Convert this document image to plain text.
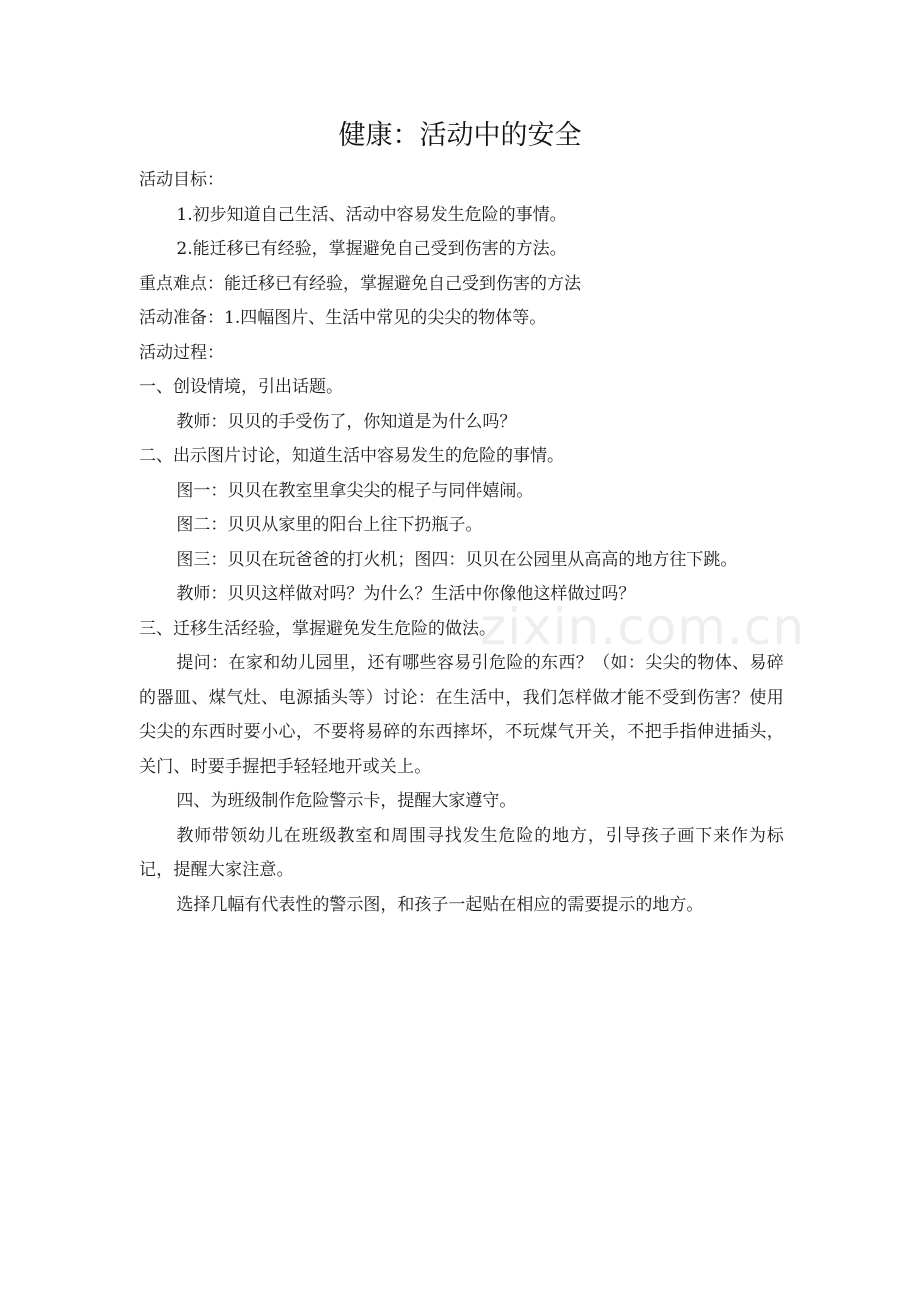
zixin.com.cn
健康：活动中的安全

活动目标：

1.初步知道自己生活、活动中容易发生危险的事情。

2.能迁移已有经验，掌握避免自己受到伤害的方法。

重点难点：能迁移已有经验，掌握避免自己受到伤害的方法

活动准备：1.四幅图片、生活中常见的尖尖的物体等。

活动过程：

一、创设情境，引出话题。

教师：贝贝的手受伤了，你知道是为什么吗？

二、出示图片讨论，知道生活中容易发生的危险的事情。

图一：贝贝在教室里拿尖尖的棍子与同伴嬉闹。

图二：贝贝从家里的阳台上往下扔瓶子。

图三：贝贝在玩爸爸的打火机；图四：贝贝在公园里从高高的地方往下跳。

教师：贝贝这样做对吗？为什么？生活中你像他这样做过吗？

三、迁移生活经验，掌握避免发生危险的做法。

提问：在家和幼儿园里，还有哪些容易引危险的东西？（如：尖尖的物体、易碎的器皿、煤气灶、电源插头等）讨论：在生活中，我们怎样做才能不受到伤害？使用尖尖的东西时要小心，不要将易碎的东西摔坏，不玩煤气开关，不把手指伸进插头，关门、时要手握把手轻轻地开或关上。

四、为班级制作危险警示卡，提醒大家遵守。

教师带领幼儿在班级教室和周围寻找发生危险的地方，引导孩子画下来作为标记，提醒大家注意。

选择几幅有代表性的警示图，和孩子一起贴在相应的需要提示的地方。
